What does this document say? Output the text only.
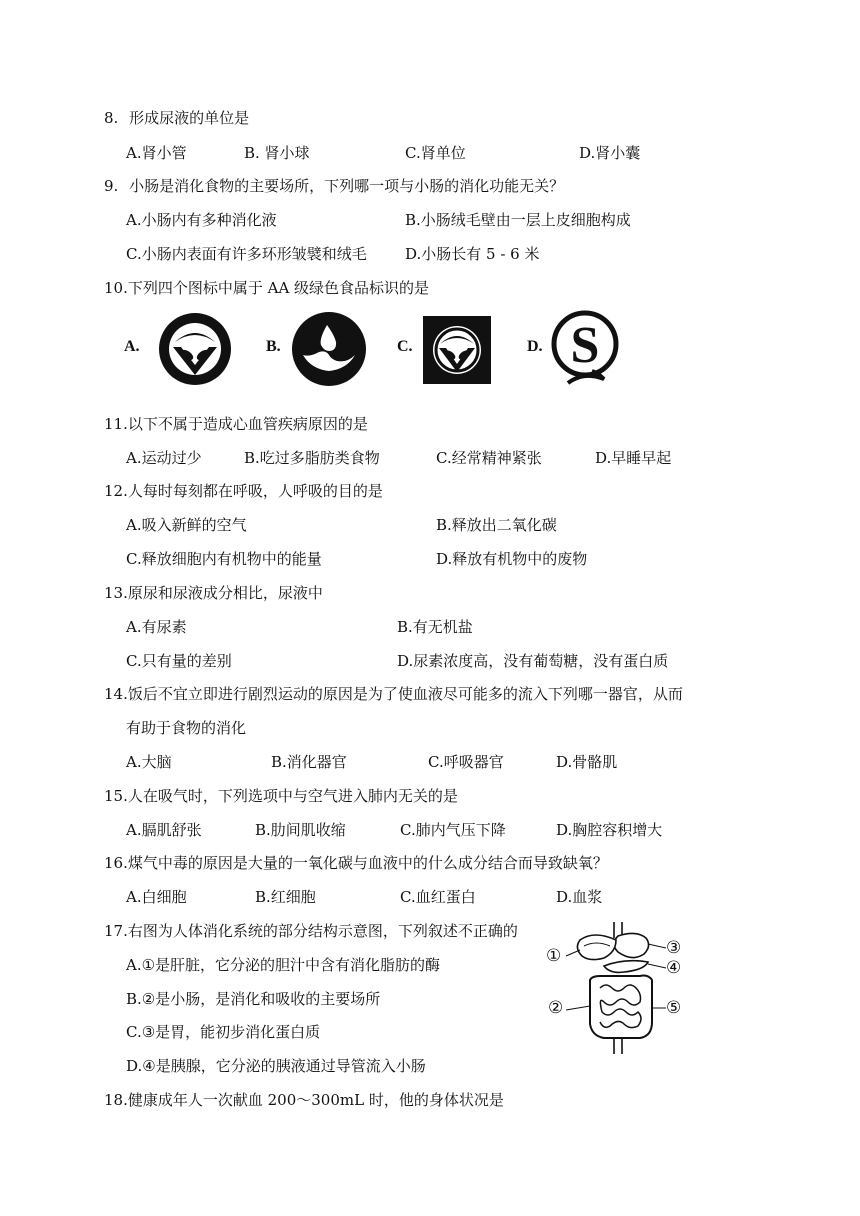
8. 形成尿液的单位是
A.肾小管	B. 肾小球	C.肾单位	D.肾小囊
9. 小肠是消化食物的主要场所，下列哪一项与小肠的消化功能无关？
A.小肠内有多种消化液	B.小肠绒毛壁由一层上皮细胞构成
C.小肠内表面有许多环形皱襞和绒毛	D.小肠长有 5 - 6 米
10.下列四个图标中属于 AA 级绿色食品标识的是
A.	B.	C.	D. S
11.以下不属于造成心血管疾病原因的是
A.运动过少	B.吃过多脂肪类食物	C.经常精神紧张	D.早睡早起
12.人每时每刻都在呼吸，人呼吸的目的是
A.吸入新鲜的空气	B.释放出二氧化碳
C.释放细胞内有机物中的能量	D.释放有机物中的废物
13.原尿和尿液成分相比，尿液中
A.有尿素	B.有无机盐
C.只有量的差别	D.尿素浓度高，没有葡萄糖，没有蛋白质
14.饭后不宜立即进行剧烈运动的原因是为了使血液尽可能多的流入下列哪一器官，从而
有助于食物的消化
A.大脑	B.消化器官	C.呼吸器官	D.骨骼肌
15.人在吸气时，下列选项中与空气进入肺内无关的是
A.膈肌舒张	B.肋间肌收缩	C.肺内气压下降	D.胸腔容积增大
16.煤气中毒的原因是大量的一氧化碳与血液中的什么成分结合而导致缺氧？
A.白细胞	B.红细胞	C.血红蛋白	D.血浆
17.右图为人体消化系统的部分结构示意图，下列叙述不正确的
A.①是肝脏，它分泌的胆汁中含有消化脂肪的酶
B.②是小肠，是消化和吸收的主要场所
C.③是胃，能初步消化蛋白质
D.④是胰腺，它分泌的胰液通过导管流入小肠
①
②
③
④
⑤
18.健康成年人一次献血 200～300mL 时，他的身体状况是
